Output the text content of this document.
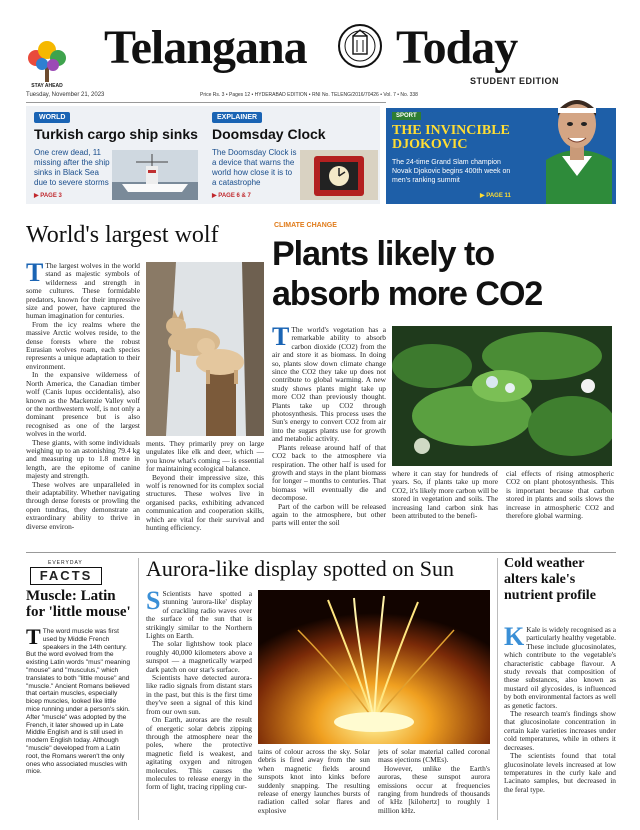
STAY AHEAD
Telangana Today
STUDENT EDITION
Tuesday, November 21, 2023	Price Rs. 3 • Pages 12 • HYDERABAD EDITION • RNI No. TELENG/2016/70426 • Vol. 7 • No. 338
WORLD
Turkish cargo ship sinks
One crew dead, 11 missing after the ship sinks in Black Sea due to severe storms
▶ PAGE 3
EXPLAINER
Doomsday Clock
The Doomsday Clock is a device that warns the world how close it is to a catastrophe
▶ PAGE 6 & 7
SPORT
THE INVINCIBLE DJOKOVIC
The 24-time Grand Slam champion Novak Djokovic begins 400th week on men's ranking summit
▶ PAGE 11
World's largest wolf

T The largest wolves in the world stand as majestic symbols of wilderness and strength in some cultures. These formidable predators, known for their impressive size and power, have captured the human imagination for centuries.

From the icy realms where the massive Arctic wolves reside, to the dense forests where the robust Eurasian wolves roam, each species represents a unique adaptation to their environment.

In the expansive wilderness of North America, the Canadian timber wolf (Canis lupus occidentalis), also known as the Mackenzie Valley wolf or the northwestern wolf, is not only a dominant presence but is also recognised as one of the largest wolves in the world.

These giants, with some individuals weighing up to an astonishing 79.4 kg and measuring up to 1.8 metre in length, are the epitome of canine majesty and strength.

These wolves are unparalleled in their adaptability. Whether navigating through dense forests or prowling the open tundras, they demonstrate an extraordinary ability to thrive in diverse environ-

ments. They primarily prey on large ungulates like elk and deer, which — you know what's coming — is essential for maintaining ecological balance.

Beyond their impressive size, this wolf is renowned for its complex social structures. These wolves live in organised packs, exhibiting advanced communication and cooperation skills, which are vital for their survival and hunting efficiency.

CLIMATE CHANGE
Plants likely to absorb more CO2

T The world's vegetation has a remarkable ability to absorb carbon dioxide (CO2) from the air and store it as biomass. In doing so, plants slow down climate change since the CO2 they take up does not contribute to global warming. A new study shows plants might take up more CO2 than previously thought. Plants take up CO2 through photosynthesis. This process uses the Sun's energy to convert CO2 from air into the sugars plants use for growth and metabolic activity.

Plants release around half of that CO2 back to the atmosphere via respiration. The other half is used for growth and stays in the plant biomass for longer – months to centuries. That biomass will eventually die and decompose.

Part of the carbon will be released again to the atmosphere, but other parts will enter the soil

where it can stay for hundreds of years. So, if plants take up more CO2, it's likely more carbon will be stored in vegetation and soils. The increasing land carbon sink has been attributed to the benefi-

cial effects of rising atmospheric CO2 on plant photosynthesis. This is important because that carbon stored in plants and soils slows the increase in atmospheric CO2 and therefore global warming.

EVERYDAY
FACTS
Muscle: Latin for 'little mouse'
T The word muscle was first used by Middle French speakers in the 14th century. But the word evolved from the existing Latin words "mus" meaning "mouse" and "musculus," which translates to both "little mouse" and "muscle." Ancient Romans believed that certain muscles, especially bicep muscles, looked like little mice running under a person's skin. After "muscle" was adopted by the French, it later showed up in Late Middle English and is still used in modern English today. Although "muscle" developed from a Latin root, the Romans weren't the only ones who associated muscles with mice.
Aurora-like display spotted on Sun

S Scientists have spotted a stunning 'aurora-like' display of crackling radio waves over the surface of the sun that is strikingly similar to the Northern Lights on Earth.

The solar lightshow took place roughly 40,000 kilometers above a sunspot — a magnetically warped dark patch on our star's surface.

Scientists have detected aurora-like radio signals from distant stars in the past, but this is the first time they've seen a signal of this kind from our own sun.

On Earth, auroras are the result of energetic solar debris zipping through the atmosphere near the poles, where the protective magnetic field is weakest, and agitating oxygen and nitrogen molecules. This causes the molecules to release energy in the form of light, tracing rippling cur-

tains of colour across the sky. Solar debris is fired away from the sun when magnetic fields around sunspots knot into kinks before suddenly snapping. The resulting release of energy launches bursts of radiation called solar flares and explosive

jets of solar material called coronal mass ejections (CMEs).

However, unlike the Earth's auroras, these sunspot aurora emissions occur at frequencies ranging from hundreds of thousands of kHz [kilohertz] to roughly 1 million kHz.

Cold weather alters kale's nutrient profile

K Kale is widely recognised as a particularly healthy vegetable. These include glucosinolates, which contribute to the vegetable's characteristic cabbage flavour. A study reveals that composition of these substances, also known as mustard oil glycosides, is influenced by both environmental factors as well as genetic factors.

The research team's findings show that glucosinolate concentration in certain kale varieties increases under cold temperatures, while in others it decreases.

The scientists found that total glucosinolate levels increased at low temperatures in the curly kale and Lacinato samples, but decreased in the feral type.
